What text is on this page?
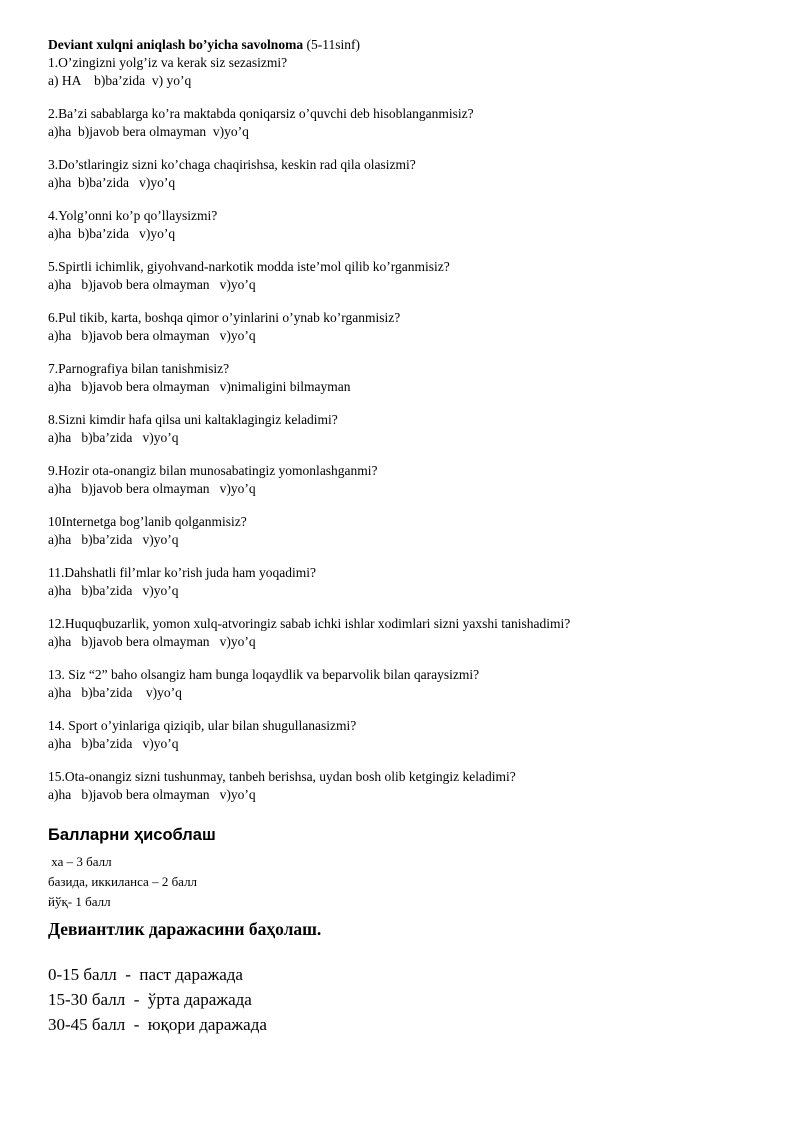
Deviant xulqni aniqlash bo’yicha savolnoma (5-11sinf)

1.O’zingizni yolg’iz va kerak siz sezasizmi?

a) HA    b)ba’zida  v) yo’q

2.Ba’zi sabablarga ko’ra maktabda qoniqarsiz o’quvchi deb hisoblanganmisiz?

a)ha  b)javob bera olmayman  v)yo’q

3.Do’stlaringiz sizni ko’chaga chaqirishsa, keskin rad qila olasizmi?

a)ha  b)ba’zida   v)yo’q

4.Yolg’onni ko’p qo’llaysizmi?

a)ha  b)ba’zida   v)yo’q

5.Spirtli ichimlik, giyohvand-narkotik modda iste’mol qilib ko’rganmisiz?

a)ha   b)javob bera olmayman   v)yo’q

6.Pul tikib, karta, boshqa qimor o’yinlarini o’ynab ko’rganmisiz?

a)ha   b)javob bera olmayman   v)yo’q

7.Parnografiya bilan tanishmisiz?

a)ha   b)javob bera olmayman   v)nimaligini bilmayman

8.Sizni kimdir hafa qilsa uni kaltaklagingiz keladimi?

a)ha   b)ba’zida   v)yo’q

9.Hozir ota-onangiz bilan munosabatingiz yomonlashganmi?

a)ha   b)javob bera olmayman   v)yo’q

10Internetga bog’lanib qolganmisiz?

a)ha   b)ba’zida   v)yo’q

11.Dahshatli fil’mlar ko’rish juda ham yoqadimi?

a)ha   b)ba’zida   v)yo’q

12.Huquqbuzarlik, yomon xulq-atvoringiz sabab ichki ishlar xodimlari sizni yaxshi tanishadimi?

a)ha   b)javob bera olmayman   v)yo’q

13. Siz “2” baho olsangiz ham bunga loqaydlik va beparvolik bilan qaraysizmi?

a)ha   b)ba’zida    v)yo’q

14. Sport o’yinlariga qiziqib, ular bilan shugullanasizmi?

a)ha   b)ba’zida   v)yo’q

15.Ota-onangiz sizni tushunmay, tanbeh berishsa, uydan bosh olib ketgingiz keladimi?

a)ha   b)javob bera olmayman   v)yo’q

Балларни ҳисоблаш
ха – 3 балл
базида, иккиланса – 2 балл
йўқ- 1 балл
Девиантлик даражасини баҳолаш.
0-15 балл  -  паст даражада
15-30 балл  -  ўрта даражада
30-45 балл  -  юқори даражада
